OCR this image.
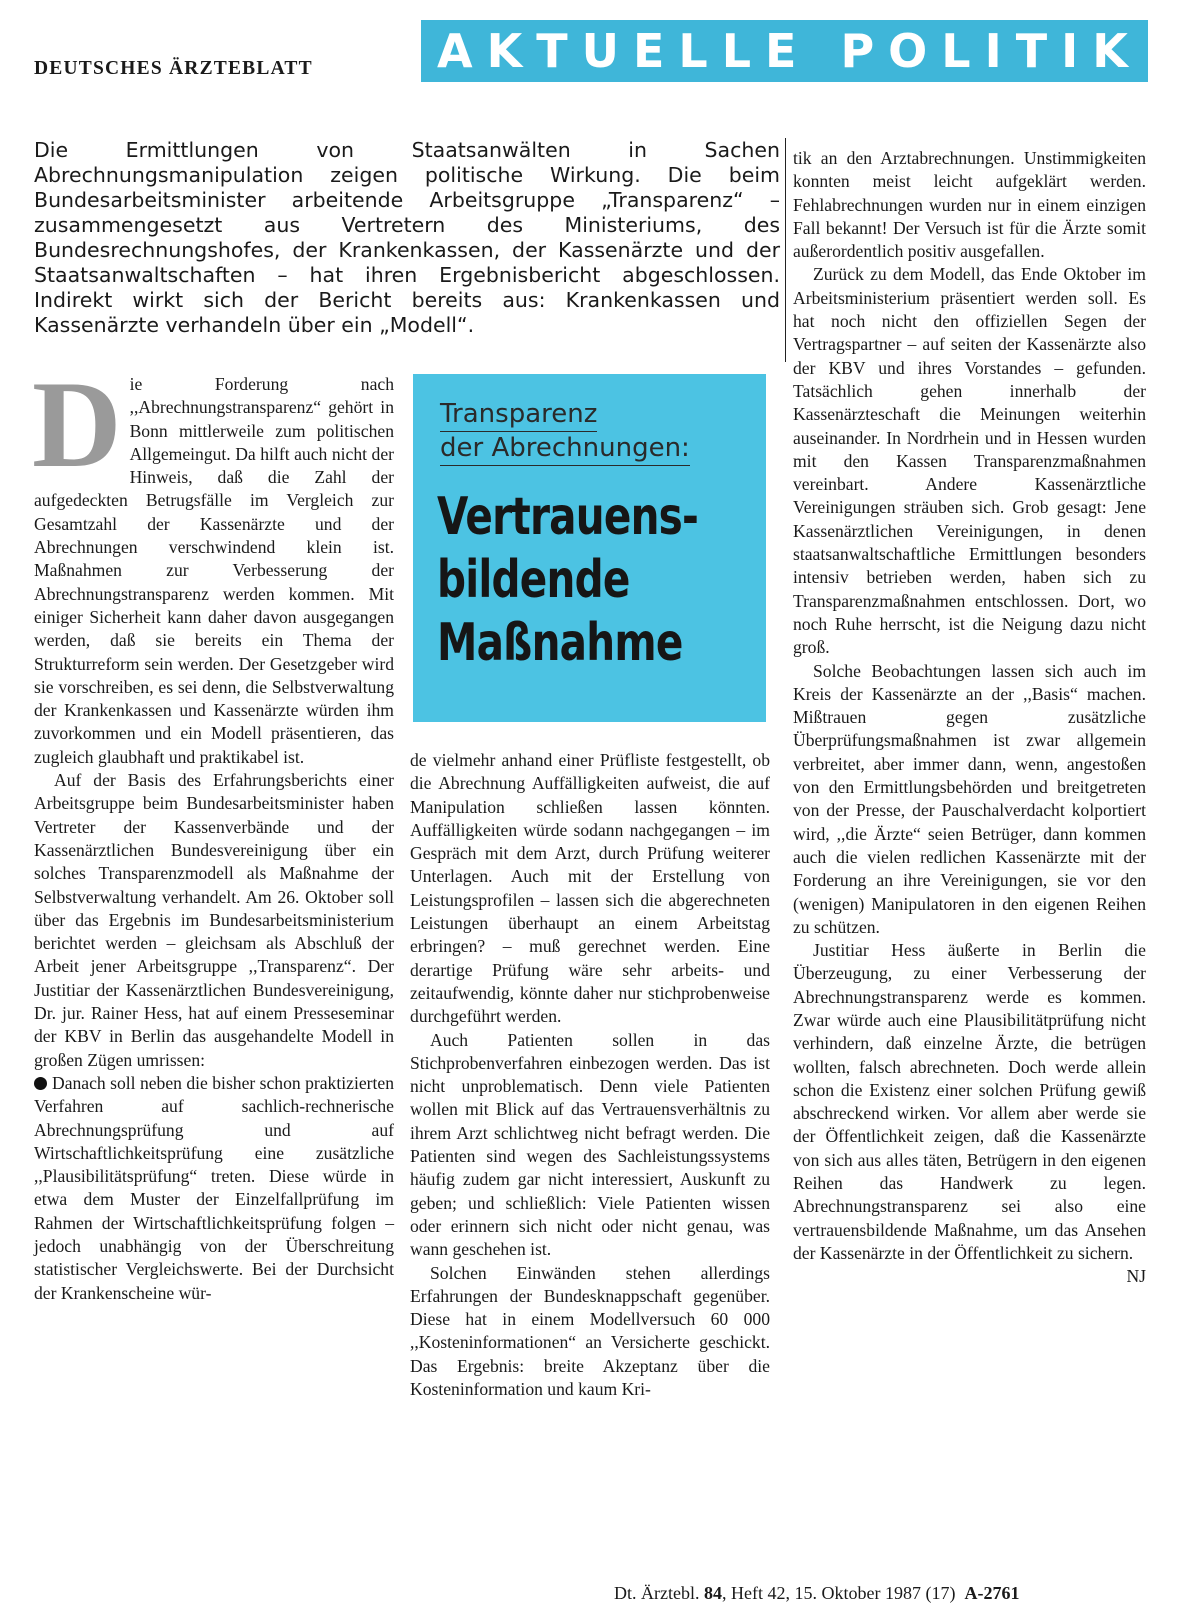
DEUTSCHES ÄRZTEBLATT	AKTUELLE POLITIK
Die Ermittlungen von Staatsanwälten in Sachen Abrechnungsmanipulation zeigen politische Wirkung. Die beim Bundesarbeitsminister arbeitende Arbeitsgruppe „Transparenz“ – zusammengesetzt aus Vertretern des Ministeriums, des Bundesrechnungshofes, der Krankenkassen, der Kassenärzte und der Staatsanwaltschaften – hat ihren Ergebnisbericht abgeschlossen. Indirekt wirkt sich der Bericht bereits aus: Krankenkassen und Kassenärzte verhandeln über ein „Modell“.

Die Forderung nach ,,Abrechnungstransparenz“ gehört in Bonn mittlerweile zum politischen Allgemeingut. Da hilft auch nicht der Hinweis, daß die Zahl der aufgedeckten Betrugsfälle im Vergleich zur Gesamtzahl der Kassenärzte und der Abrechnungen verschwindend klein ist. Maßnahmen zur Verbesserung der Abrechnungstransparenz werden kommen. Mit einiger Sicherheit kann daher davon ausgegangen werden, daß sie bereits ein Thema der Strukturreform sein werden. Der Gesetzgeber wird sie vorschreiben, es sei denn, die Selbstverwaltung der Krankenkassen und Kassenärzte würden ihm zuvorkommen und ein Modell präsentieren, das zugleich glaubhaft und praktikabel ist.

Auf der Basis des Erfahrungsberichts einer Arbeitsgruppe beim Bundesarbeitsminister haben Vertreter der Kassenverbände und der Kassenärztlichen Bundesvereinigung über ein solches Transparenzmodell als Maßnahme der Selbstverwaltung verhandelt. Am 26. Oktober soll über das Ergebnis im Bundesarbeitsministerium berichtet werden – gleichsam als Abschluß der Arbeit jener Arbeitsgruppe ,,Transparenz“. Der Justitiar der Kassenärztlichen Bundesvereinigung, Dr. jur. Rainer Hess, hat auf einem Presseseminar der KBV in Berlin das ausgehandelte Modell in großen Zügen umrissen:

Danach soll neben die bisher schon praktizierten Verfahren auf sachlich-rechnerische Abrechnungsprüfung und auf Wirtschaftlichkeitsprüfung eine zusätzliche ,,Plausibilitätsprüfung“ treten. Diese würde in etwa dem Muster der Einzelfallprüfung im Rahmen der Wirtschaftlichkeitsprüfung folgen – jedoch unabhängig von der Überschreitung statistischer Vergleichswerte. Bei der Durchsicht der Krankenscheine wür-

Transparenz
der Abrechnungen:
Vertrauens-
bildende
Maßnahme

de vielmehr anhand einer Prüfliste festgestellt, ob die Abrechnung Auffälligkeiten aufweist, die auf Manipulation schließen lassen könnten. Auffälligkeiten würde sodann nachgegangen – im Gespräch mit dem Arzt, durch Prüfung weiterer Unterlagen. Auch mit der Erstellung von Leistungsprofilen – lassen sich die abgerechneten Leistungen überhaupt an einem Arbeitstag erbringen? – muß gerechnet werden. Eine derartige Prüfung wäre sehr arbeits- und zeitaufwendig, könnte daher nur stichprobenweise durchgeführt werden.

Auch Patienten sollen in das Stichprobenverfahren einbezogen werden. Das ist nicht unproblematisch. Denn viele Patienten wollen mit Blick auf das Vertrauensverhältnis zu ihrem Arzt schlichtweg nicht befragt werden. Die Patienten sind wegen des Sachleistungssystems häufig zudem gar nicht interessiert, Auskunft zu geben; und schließlich: Viele Patienten wissen oder erinnern sich nicht oder nicht genau, was wann geschehen ist.

Solchen Einwänden stehen allerdings Erfahrungen der Bundesknappschaft gegenüber. Diese hat in einem Modellversuch 60 000 ,,Kosteninformationen“ an Versicherte geschickt. Das Ergebnis: breite Akzeptanz über die Kosteninformation und kaum Kri-

tik an den Arztabrechnungen. Unstimmigkeiten konnten meist leicht aufgeklärt werden. Fehlabrechnungen wurden nur in einem einzigen Fall bekannt! Der Versuch ist für die Ärzte somit außerordentlich positiv ausgefallen.

Zurück zu dem Modell, das Ende Oktober im Arbeitsministerium präsentiert werden soll. Es hat noch nicht den offiziellen Segen der Vertragspartner – auf seiten der Kassenärzte also der KBV und ihres Vorstandes – gefunden. Tatsächlich gehen innerhalb der Kassenärzteschaft die Meinungen weiterhin auseinander. In Nordrhein und in Hessen wurden mit den Kassen Transparenzmaßnahmen vereinbart. Andere Kassenärztliche Vereinigungen sträuben sich. Grob gesagt: Jene Kassenärztlichen Vereinigungen, in denen staatsanwaltschaftliche Ermittlungen besonders intensiv betrieben werden, haben sich zu Transparenzmaßnahmen entschlossen. Dort, wo noch Ruhe herrscht, ist die Neigung dazu nicht groß.

Solche Beobachtungen lassen sich auch im Kreis der Kassenärzte an der ,,Basis“ machen. Mißtrauen gegen zusätzliche Überprüfungsmaßnahmen ist zwar allgemein verbreitet, aber immer dann, wenn, angestoßen von den Ermittlungsbehörden und breitgetreten von der Presse, der Pauschalverdacht kolportiert wird, ,,die Ärzte“ seien Betrüger, dann kommen auch die vielen redlichen Kassenärzte mit der Forderung an ihre Vereinigungen, sie vor den (wenigen) Manipulatoren in den eigenen Reihen zu schützen.

Justitiar Hess äußerte in Berlin die Überzeugung, zu einer Verbesserung der Abrechnungstransparenz werde es kommen. Zwar würde auch eine Plausibilitätprüfung nicht verhindern, daß einzelne Ärzte, die betrügen wollten, falsch abrechneten. Doch werde allein schon die Existenz einer solchen Prüfung gewiß abschreckend wirken. Vor allem aber werde sie der Öffentlichkeit zeigen, daß die Kassenärzte von sich aus alles täten, Betrügern in den eigenen Reihen das Handwerk zu legen. Abrechnungstransparenz sei also eine vertrauensbildende Maßnahme, um das Ansehen der Kassenärzte in der Öffentlichkeit zu sichern.
NJ

Dt. Ärztebl. 84, Heft 42, 15. Oktober 1987 (17) A-2761
